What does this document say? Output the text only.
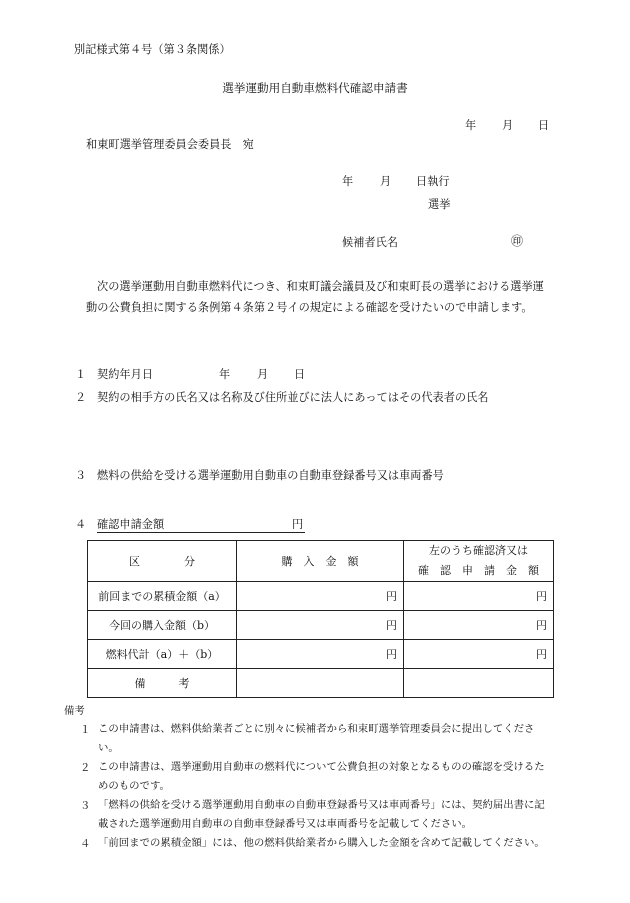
別記様式第４号（第３条関係）
選挙運動用自動車燃料代確認申請書
年 月 日
和東町選挙管理委員会委員長　宛
年 月 日執行
選挙
候補者氏名	㊞
次の選挙運動用自動車燃料代につき、和束町議会議員及び和束町長の選挙における選挙運動の公費負担に関する条例第４条第２号イの規定による確認を受けたいので申請します。
１ 契約年月日	年 月 日
２ 契約の相手方の氏名又は名称及び住所並びに法人にあってはその代表者の氏名
３ 燃料の供給を受ける選挙運動用自動車の自動車登録番号又は車両番号
４ 確認申請金額	円
区　　　　分	購　入　金　額	左のうち確認済又は
確　認　申　請　金　額

前回までの累積金額（a）	円	円
今回の購入金額（b）	円	円
燃料代計（a）＋（b）	円	円
備　　　考		
備考
１ この申請書は、燃料供給業者ごとに別々に候補者から和束町選挙管理委員会に提出してください。
２ この申請書は、選挙運動用自動車の燃料代について公費負担の対象となるものの確認を受けるためのものです。
３ 「燃料の供給を受ける選挙運動用自動車の自動車登録番号又は車両番号」には、契約届出書に記載された選挙運動用自動車の自動車登録番号又は車両番号を記載してください。
４ 「前回までの累積金額」には、他の燃料供給業者から購入した金額を含めて記載してください。
